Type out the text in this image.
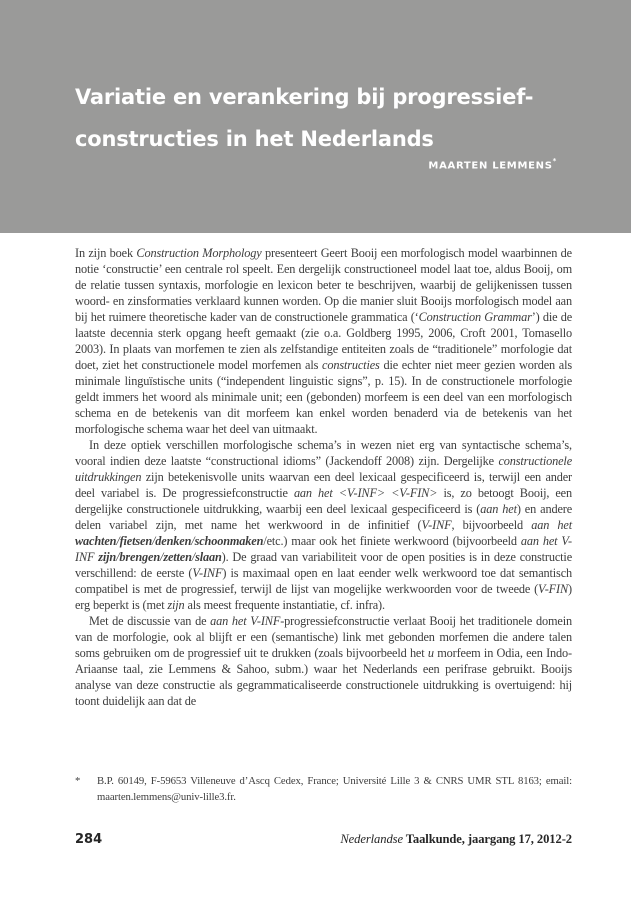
Variatie en verankering bij progressief-
constructies in het Nederlands
MAARTEN LEMMENS*

In zijn boek Construction Morphology presenteert Geert Booij een morfologisch model waarbinnen de notie ‘constructie’ een centrale rol speelt. Een dergelijk constructioneel model laat toe, aldus Booij, om de relatie tussen syntaxis, morfologie en lexicon beter te beschrijven, waarbij de gelijkenissen tussen woord- en zinsformaties verklaard kunnen worden. Op die manier sluit Booijs morfologisch model aan bij het ruimere theoretische kader van de constructionele grammatica (‘Construction Grammar’) die de laatste decennia sterk opgang heeft gemaakt (zie o.a. Goldberg 1995, 2006, Croft 2001, Tomasello 2003). In plaats van morfemen te zien als zelfstandige entiteiten zoals de “traditionele” morfologie dat doet, ziet het constructionele model morfemen als constructies die echter niet meer gezien worden als minimale linguïstische units (“independent linguistic signs”, p. 15). In de constructionele morfologie geldt immers het woord als minimale unit; een (gebonden) morfeem is een deel van een morfologisch schema en de betekenis van dit morfeem kan enkel worden benaderd via de betekenis van het morfologische schema waar het deel van uitmaakt.

In deze optiek verschillen morfologische schema’s in wezen niet erg van syntactische schema’s, vooral indien deze laatste “constructional idioms” (Jackendoff 2008) zijn. Dergelijke constructionele uitdrukkingen zijn betekenisvolle units waarvan een deel lexicaal gespecificeerd is, terwijl een ander deel variabel is. De progressiefconstructie aan het <V-INF> <V-FIN> is, zo betoogt Booij, een dergelijke constructionele uitdrukking, waarbij een deel lexicaal gespecificeerd is (aan het) en andere delen variabel zijn, met name het werkwoord in de infinitief (V-INF, bijvoorbeeld aan het wachten/fietsen/denken/schoonmaken/etc.) maar ook het finiete werkwoord (bijvoorbeeld aan het V-INF zijn/brengen/zetten/slaan). De graad van variabiliteit voor de open posities is in deze constructie verschillend: de eerste (V-INF) is maximaal open en laat eender welk werkwoord toe dat semantisch compatibel is met de progressief, terwijl de lijst van mogelijke werkwoorden voor de tweede (V-FIN) erg beperkt is (met zijn als meest frequente instantiatie, cf. infra).

Met de discussie van de aan het V-INF-progressiefconstructie verlaat Booij het traditionele domein van de morfologie, ook al blijft er een (semantische) link met gebonden morfemen die andere talen soms gebruiken om de progressief uit te drukken (zoals bijvoorbeeld het u morfeem in Odia, een Indo-Ariaanse taal, zie Lemmens & Sahoo, subm.) waar het Nederlands een perifrase gebruikt. Booijs analyse van deze constructie als gegrammaticaliseerde constructionele uitdrukking is overtuigend: hij toont duidelijk aan dat de

* B.P. 60149, F-59653 Villeneuve d’Ascq Cedex, France; Université Lille 3 & CNRS UMR STL 8163; email: maarten.lemmens@univ-lille3.fr.
284	Nederlandse Taalkunde, jaargang 17, 2012-2
